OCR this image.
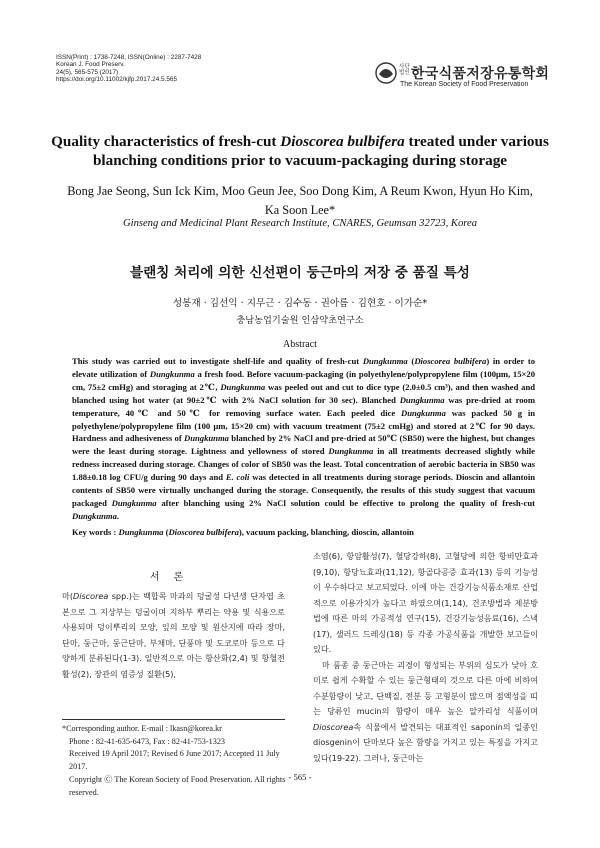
ISSN(Print) : 1738-7248, ISSN(Online) : 2287-7428
Korean J. Food Preserv.
24(5), 565-575 (2017)
https://doi.org/10.11002/kjfp.2017.24.5.565
사단
법인 한국식품저장유통학회
The Korean Society of Food Preservation
Quality characteristics of fresh-cut Dioscorea bulbifera treated under various blanching conditions prior to vacuum-packaging during storage
Bong Jae Seong, Sun Ick Kim, Moo Geun Jee, Soo Dong Kim, A Reum Kwon, Hyun Ho Kim, Ka Soon Lee*
Ginseng and Medicinal Plant Research Institute, CNARES, Geumsan 32723, Korea
블랜칭 처리에 의한 신선편이 둥근마의 저장 중 품질 특성
성봉재 · 김선익 · 지무근 · 김수동 · 권아름 · 김현호 · 이가순*
충남농업기술원 인삼약초연구소
Abstract
This study was carried out to investigate shelf-life and quality of fresh-cut Dungkunma (Dioscorea bulbifera) in order to elevate utilization of Dungkunma a fresh food. Before vacuum-packaging (in polyethylene/polypropylene film (100μm, 15×20 cm, 75±2 cmHg) and storaging at 2℃, Dungkunma was peeled out and cut to dice type (2.0±0.5 cm³), and then washed and blanched using hot water (at 90±2℃ with 2% NaCl solution for 30 sec). Blanched Dungkunma was pre-dried at room temperature, 40℃ and 50℃ for removing surface water. Each peeled dice Dungkunma was packed 50 g in polyethylene/polypropylene film (100 μm, 15×20 cm) with vacuum treatment (75±2 cmHg) and stored at 2℃ for 90 days. Hardness and adhesiveness of Dungkunma blanched by 2% NaCl and pre-dried at 50℃ (SB50) were the highest, but changes were the least during storage. Lightness and yellowness of stored Dungkunma in all treatments decreased slightly while redness increased during storage. Changes of color of SB50 was the least. Total concentration of aerobic bacteria in SB50 was 1.88±0.18 log CFU/g during 90 days and E. coli was detected in all treatments during storage periods. Dioscin and allantoin contents of SB50 were virtually unchanged during the storage. Consequently, the results of this study suggest that vacuum packaged Dungkunma after blanching using 2% NaCl solution could be effective to prolong the quality of fresh-cut Dungkunma.
Key words : Dungkunma (Dioscorea bulbifera), vacuum packing, blanching, dioscin, allantoin
서론
마(Discorea spp.)는 백합목 마과의 덩굴성 다년생 단자엽 초본으로 그 지상부는 덩굴이며 지하부 뿌리는 약용 및 식용으로 사용되며 덩이뿌리의 모양, 잎의 모양 및 원산지에 따라 장마, 단마, 둥근마, 둥근단마, 부채마, 단풍마 및 도코로마 등으로 다양하게 분류된다(1-3). 일반적으로 마는 항산화(2,4) 및 항혈전 활성(2), 장관의 염증성 질환(5),
소염(6), 항암활성(7), 혈당강하(8), 고혈당에 의한 항비만효과(9,10), 항당뇨효과(11,12), 항골다공증 효과(13) 등의 기능성이 우수하다고 보고되었다. 이에 마는 건강기능식품소재로 산업적으로 이용가치가 높다고 하였으며(1,14), 건조방법과 제분방법에 따른 마의 가공적성 연구(15), 건강기능성음료(16), 스낵(17), 샐러드 드레싱(18) 등 각종 가공식품을 개발한 보고들이 있다.
마 품종 중 둥근마는 괴경이 형성되는 부위의 심도가 낮아 호미로 쉽게 수확할 수 있는 둥근형태의 것으로 다른 마에 비하여 수분함량이 낮고, 단백질, 전분 등 고형분이 많으며 점액성을 띠는 당류인 mucin의 함량이 매우 높은 알카리성 식품이며 Dioscorea속 식물에서 발견되는 대표적인 saponin의 일종인 diosgenin이 단마보다 높은 함량을 가지고 있는 특징을 가지고 있다(19-22). 그러나, 둥근마는
*Corresponding author. E-mail : lkasn@korea.kr
Phone : 82-41-635-6473, Fax : 82-41-753-1323
Received 19 April 2017; Revised 6 June 2017; Accepted 11 July 2017.
Copyright Ⓒ The Korean Society of Food Preservation. All rights reserved.
- 565 -
